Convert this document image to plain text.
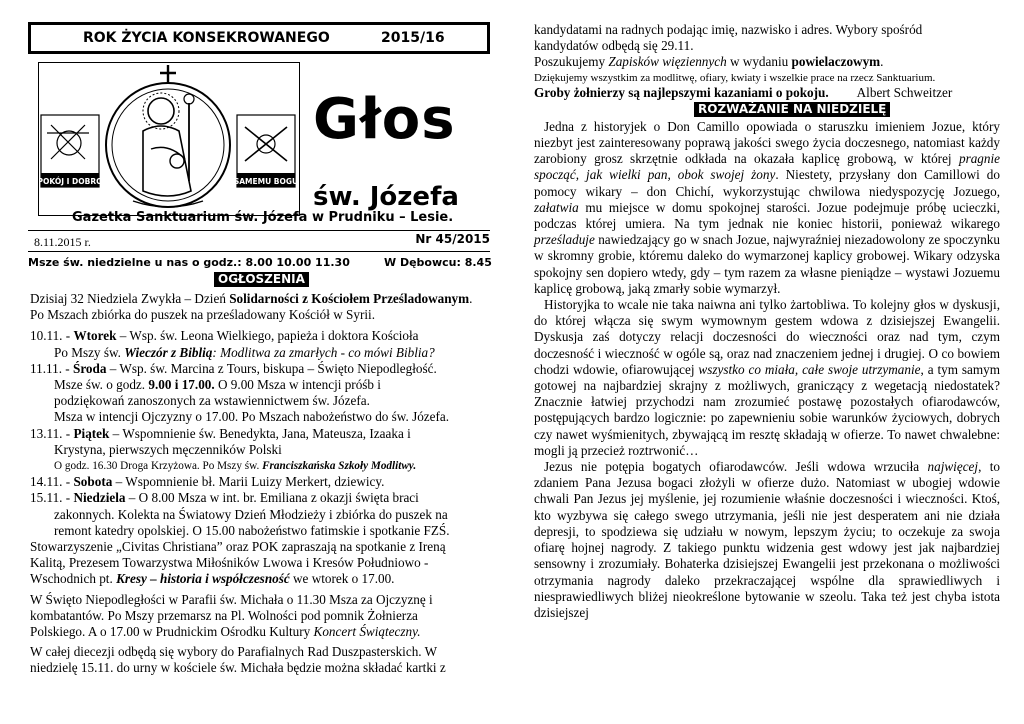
ROK ŻYCIA KONSEKROWANEGO	2015/16
POKÓJ I DOBRO	SAMEMU BOGU
Głos
św. Józefa
Gazetka Sanktuarium św. Józefa w Prudniku – Lesie.
8.11.2015 r.	Nr 45/2015
Msze św. niedzielne u nas o godz.: 8.00 10.00 11.30	W Dębowcu: 8.45
OGŁOSZENIA

Dzisiaj 32 Niedziela Zwykła – Dzień Solidarności z Kościołem Prześladowanym.

Po Mszach zbiórka do puszek na prześladowany Kościół w Syrii.

10.11. - Wtorek – Wsp. św. Leona Wielkiego, papieża i doktora Kościoła

Po Mszy św. Wieczór z Biblią: Modlitwa za zmarłych - co mówi Biblia?

11.11. - Środa – Wsp. św. Marcina z Tours, biskupa – Święto Niepodległość.

Msze św. o godz. 9.00 i 17.00. O 9.00 Msza w intencji próśb i

podziękowań zanoszonych za wstawiennictwem św. Józefa.

Msza w intencji Ojczyzny o 17.00. Po Mszach nabożeństwo do św. Józefa.

13.11. - Piątek – Wspomnienie św. Benedykta, Jana, Mateusza, Izaaka i

Krystyna, pierwszych męczenników Polski

O godz. 16.30 Droga Krzyżowa. Po Mszy św. Franciszkańska Szkoły Modlitwy.

14.11. - Sobota – Wspomnienie bł. Marii Luizy Merkert, dziewicy.

15.11. - Niedziela – O 8.00 Msza w int. br. Emiliana z okazji święta braci

zakonnych. Kolekta na Światowy Dzień Młodzieży i zbiórka do puszek na

remont katedry opolskiej. O 15.00 nabożeństwo fatimskie i spotkanie FZŚ.

Stowarzyszenie „Civitas Christiana” oraz POK zapraszają na spotkanie z Ireną

Kalitą, Prezesem Towarzystwa Miłośników Lwowa i Kresów Południowo -

Wschodnich pt. Kresy – historia i współczesność we wtorek o 17.00.

W Święto Niepodległości w Parafii św. Michała o 11.30 Msza za Ojczyznę i

kombatantów. Po Mszy przemarsz na Pl. Wolności pod pomnik Żołnierza

Polskiego. A o 17.00 w Prudnickim Ośrodku Kultury Koncert Świąteczny.

W całej diecezji odbędą się wybory do Parafialnych Rad Duszpasterskich. W

niedzielę 15.11. do urny w kościele św. Michała będzie można składać kartki z

kandydatami na radnych podając imię, nazwisko i adres. Wybory spośród

kandydatów odbędą się 29.11.

Poszukujemy Zapisków więziennych w wydaniu powielaczowym.

Dziękujemy wszystkim za modlitwę, ofiary, kwiaty i wszelkie prace na rzecz Sanktuarium.

Groby żołnierzy są najlepszymi kazaniami o pokoju. Albert Schweitzer

ROZWAŻANIE NA NIEDZIELĘ

Jedna z historyjek o Don Camillo opowiada o staruszku imieniem Jozue, który niezbyt jest zainteresowany poprawą jakości swego życia doczesnego, natomiast każdy zarobiony grosz skrzętnie odkłada na okazała kaplicę grobową, w której pragnie spocząć, jak wielki pan, obok swojej żony. Niestety, przysłany don Camillowi do pomocy wikary – don Chichí, wykorzystując chwilowa niedyspozycję Jozuego, załatwia mu miejsce w domu spokojnej starości. Jozue podejmuje próbę ucieczki, podczas której umiera. Na tym jednak nie koniec historii, ponieważ wikarego prześladuje nawiedzający go w snach Jozue, najwyraźniej niezadowolony ze spoczynku w skromny grobie, któremu daleko do wymarzonej kaplicy grobowej. Wikary odzyska spokojny sen dopiero wtedy, gdy – tym razem za własne pieniądze – wystawi Jozuemu kaplicę grobową, jaką zmarły sobie wymarzył.

Historyjka to wcale nie taka naiwna ani tylko żartobliwa. To kolejny głos w dyskusji, do której włącza się swym wymownym gestem wdowa z dzisiejszej Ewangelii. Dyskusja zaś dotyczy relacji doczesności do wieczności oraz nad tym, czym doczesność i wieczność w ogóle są, oraz nad znaczeniem jednej i drugiej. O co bowiem chodzi wdowie, ofiarowującej wszystko co miała, całe swoje utrzymanie, a tym samym gotowej na najbardziej skrajny z możliwych, graniczący z wegetacją niedostatek? Znacznie łatwiej przychodzi nam zrozumieć postawę pozostałych ofiarodawców, postępujących bardzo logicznie: po zapewnieniu sobie warunków życiowych, dobrych czy nawet wyśmienitych, zbywającą im resztę składają w ofierze. To nawet chwalebne: mogli ją przecież roztrwonić…

Jezus nie potępia bogatych ofiarodawców. Jeśli wdowa wrzuciła najwięcej, to zdaniem Pana Jezusa bogaci złożyli w ofierze dużo. Natomiast w ubogiej wdowie chwali Pan Jezus jej myślenie, jej rozumienie właśnie doczesności i wieczności. Ktoś, kto wyzbywa się całego swego utrzymania, jeśli nie jest desperatem ani nie działa depresji, to spodziewa się udziału w nowym, lepszym życiu; to oczekuje za swoja ofiarę hojnej nagrody. Z takiego punktu widzenia gest wdowy jest jak najbardziej sensowny i zrozumiały. Bohaterka dzisiejszej Ewangelii jest przekonana o możliwości otrzymania nagrody daleko przekraczającej wspólne dla sprawiedliwych i niesprawiedliwych bliżej nieokreślone bytowanie w szeolu. Taka też jest chyba istota dzisiejszej
